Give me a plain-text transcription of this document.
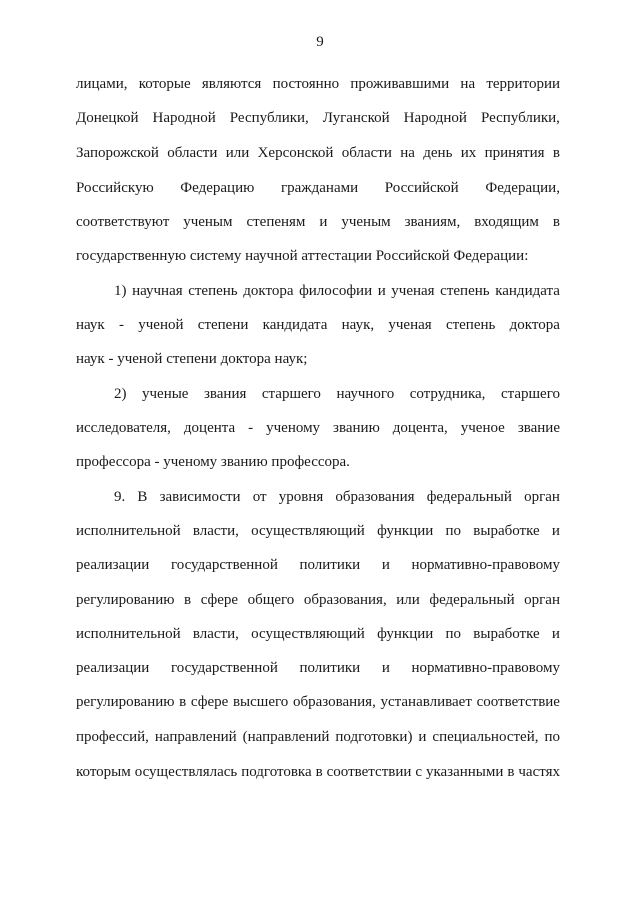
9
лицами, которые являются постоянно проживавшими на территории
Донецкой Народной Республики, Луганской Народной Республики,
Запорожской области или Херсонской области на день их принятия в
Российскую Федерацию гражданами Российской Федерации,
соответствуют ученым степеням и ученым званиям, входящим в
государственную систему научной аттестации Российской Федерации:
1) научная степень доктора философии и ученая степень кандидата
наук - ученой степени кандидата наук, ученая степень доктора
наук - ученой степени доктора наук;
2) ученые звания старшего научного сотрудника, старшего
исследователя, доцента - ученому званию доцента, ученое звание
профессора - ученому званию профессора.
9. В зависимости от уровня образования федеральный орган
исполнительной власти, осуществляющий функции по выработке и
реализации государственной политики и нормативно-правовому
регулированию в сфере общего образования, или федеральный орган
исполнительной власти, осуществляющий функции по выработке и
реализации государственной политики и нормативно-правовому
регулированию в сфере высшего образования, устанавливает соответствие
профессий, направлений (направлений подготовки) и специальностей, по
которым осуществлялась подготовка в соответствии с указанными в частях
